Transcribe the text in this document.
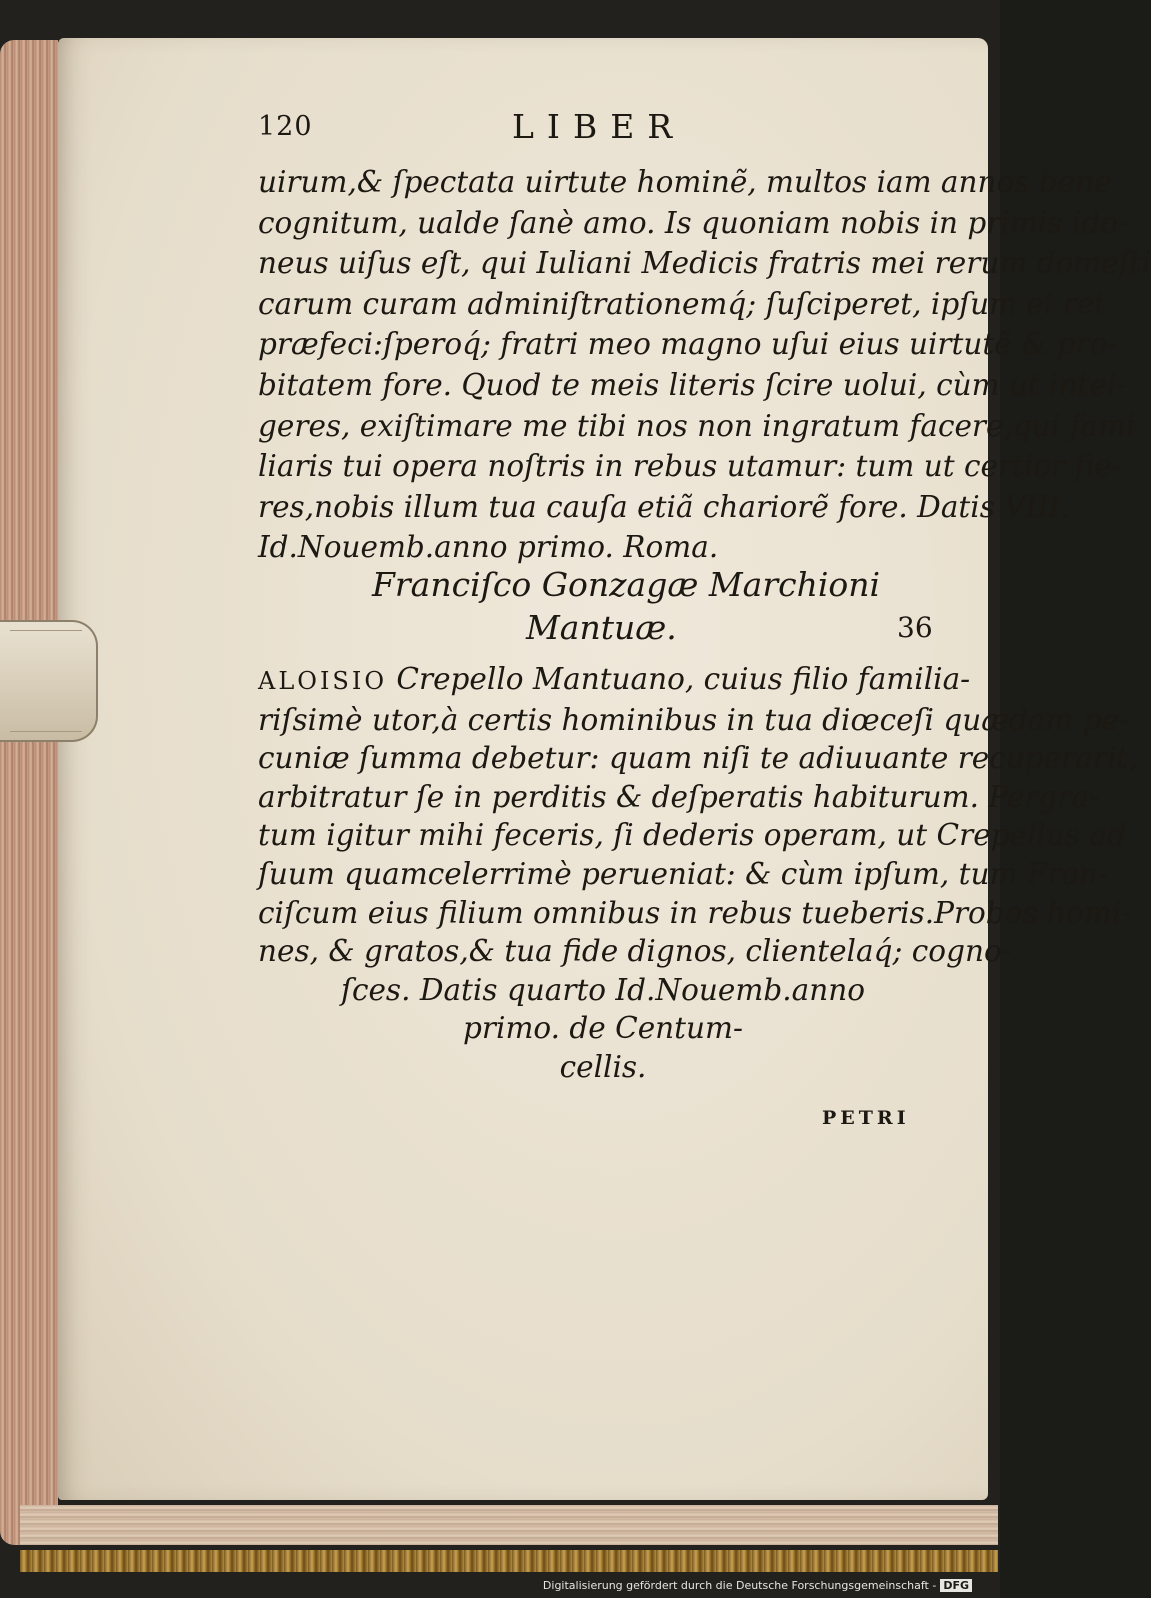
120	LIBER
uirum,& ſpectata uirtute hominẽ, multos iam annos bene
cognitum, ualde ſanè amo. Is quoniam nobis in primis ido-
neus uiſus eſt, qui Iuliani Medicis fratris mei rerum domeſti
carum curam adminiſtrationemq́; ſuſciperet, ipſum ei rei
præfeci:ſperoq́; fratri meo magno uſui eius uirtutẽ & pro-
bitatem fore. Quod te meis literis ſcire uolui, cùm ut intel-
geres, exiſtimare me tibi nos non ingratum facere,qui fami
liaris tui opera noſtris in rebus utamur: tum ut certior fie-
res,nobis illum tua cauſa etiã chariorẽ fore. Datis VIII.
Id.Nouemb.anno primo. Roma.
Franciſco Gonzagæ Marchioni
Mantuæ.	36
ALOISIO Crepello Mantuano, cuius filio familia-
riſsimè utor,à certis hominibus in tua diœceſi quædam pe-
cuniæ ſumma debetur: quam niſi te adiuuante recuperarit,
arbitratur ſe in perditis & deſperatis habiturum. Pergra-
tum igitur mihi feceris, ſi dederis operam, ut Crepellus ad
ſuum quamcelerrimè perueniat: & cùm ipſum, tum Fran-
ciſcum eius filium omnibus in rebus tueberis.Probos homi-
nes, & gratos,& tua fide dignos, clientelaq́; cogno-
ſces. Datis quarto Id.Nouemb.anno
primo. de Centum-
cellis.
PETRI
Digitalisierung gefördert durch die Deutsche Forschungsgemeinschaft - DFG
